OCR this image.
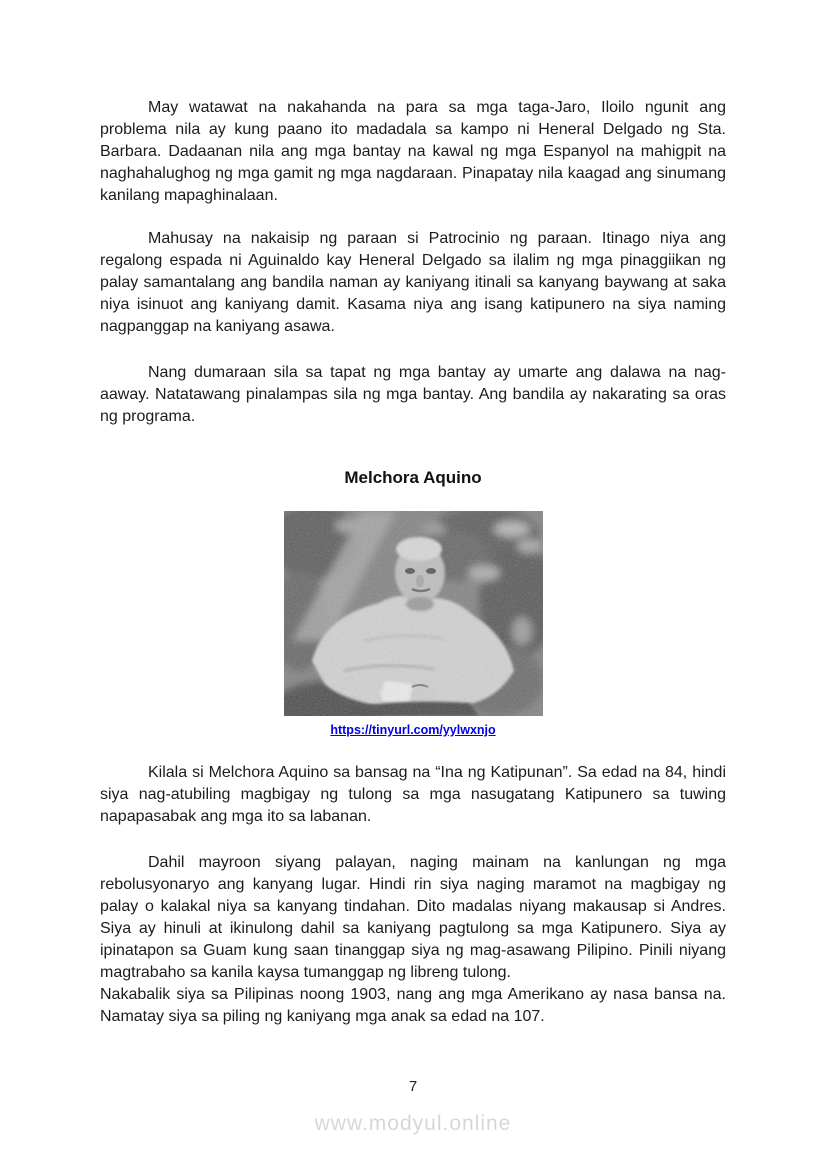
May watawat na nakahanda na para sa mga taga-Jaro, Iloilo ngunit ang problema nila ay kung paano ito madadala sa kampo ni Heneral Delgado ng Sta. Barbara. Dadaanan nila ang mga bantay na kawal ng mga Espanyol na mahigpit na naghahalughog ng mga gamit ng mga nagdaraan. Pinapatay nila kaagad ang sinumang kanilang mapaghinalaan.

Mahusay na nakaisip ng paraan si Patrocinio ng paraan. Itinago niya ang regalong espada ni Aguinaldo kay Heneral Delgado sa ilalim ng mga pinaggiikan ng palay samantalang ang bandila naman ay kaniyang itinali sa kanyang baywang at saka niya isinuot ang kaniyang damit. Kasama niya ang isang katipunero na siya naming nagpanggap na kaniyang asawa.

Nang dumaraan sila sa tapat ng mga bantay ay umarte ang dalawa na nag-aaway. Natatawang pinalampas sila ng mga bantay. Ang bandila ay nakarating sa oras ng programa.

Melchora Aquino
https://tinyurl.com/yylwxnjo

Kilala si Melchora Aquino sa bansag na “Ina ng Katipunan”. Sa edad na 84, hindi siya nag-atubiling magbigay ng tulong sa mga nasugatang Katipunero sa tuwing napapasabak ang mga ito sa labanan.

Dahil mayroon siyang palayan, naging mainam na kanlungan ng mga rebolusyonaryo ang kanyang lugar. Hindi rin siya naging maramot na magbigay ng palay o kalakal niya sa kanyang tindahan. Dito madalas niyang makausap si Andres. Siya ay hinuli at ikinulong dahil sa kaniyang pagtulong sa mga Katipunero. Siya ay ipinatapon sa Guam kung saan tinanggap siya ng mag-asawang Pilipino. Pinili niyang magtrabaho sa kanila kaysa tumanggap ng libreng tulong.

Nakabalik siya sa Pilipinas noong 1903, nang ang mga Amerikano ay nasa bansa na. Namatay siya sa piling ng kaniyang mga anak sa edad na 107.

7
www.modyul.online
